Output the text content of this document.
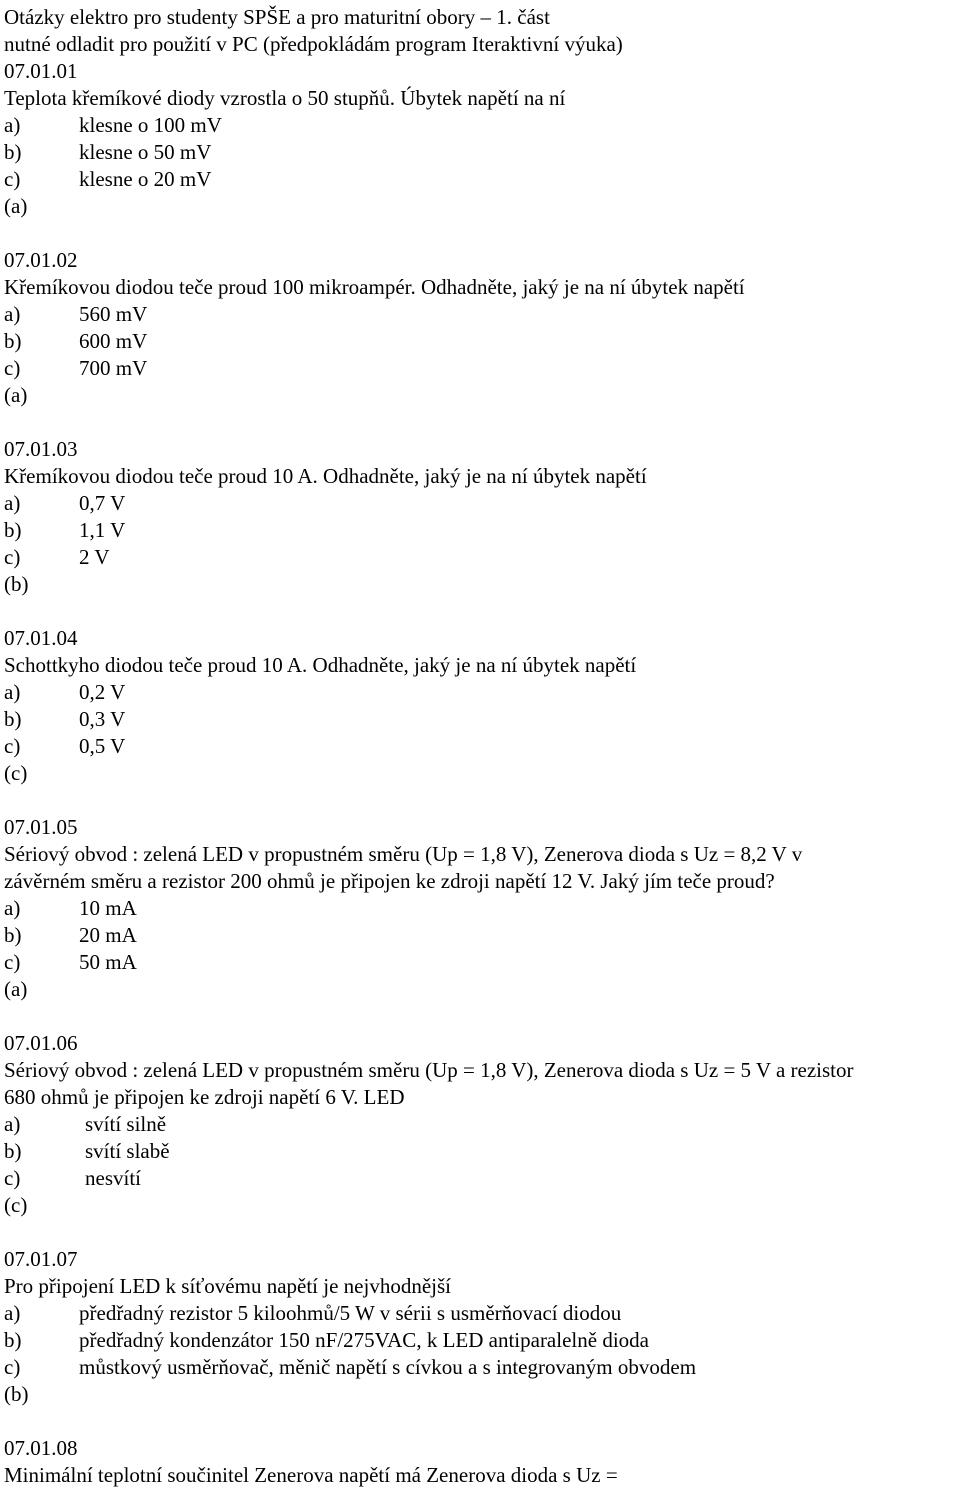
Otázky elektro pro studenty SPŠE a pro maturitní obory – 1. část
nutné odladit pro použití v PC (předpokládám program Iteraktivní výuka)
07.01.01
Teplota křemíkové diody vzrostla o 50 stupňů. Úbytek napětí na ní
a)	klesne o 100 mV
b)	klesne o 50 mV
c)	klesne o 20 mV
(a)
07.01.02
Křemíkovou diodou teče proud 100 mikroampér. Odhadněte, jaký je na ní úbytek napětí
a)	560 mV
b)	600 mV
c)	700 mV
(a)
07.01.03
Křemíkovou diodou teče proud 10 A. Odhadněte, jaký je na ní úbytek napětí
a)	0,7 V
b)	1,1 V
c)	2 V
(b)
07.01.04
Schottkyho diodou teče proud 10 A. Odhadněte, jaký je na ní úbytek napětí
a)	0,2 V
b)	0,3 V
c)	0,5 V
(c)
07.01.05
Sériový obvod : zelená LED v propustném směru (Up = 1,8 V), Zenerova dioda s Uz = 8,2 V v
závěrném směru a rezistor 200 ohmů je připojen ke zdroji napětí 12 V. Jaký jím teče proud?
a)	10 mA
b)	20 mA
c)	50 mA
(a)
07.01.06
Sériový obvod : zelená LED v propustném směru (Up = 1,8 V), Zenerova dioda s Uz = 5 V a rezistor
680 ohmů je připojen ke zdroji napětí 6 V. LED
a)	svítí silně
b)	svítí slabě
c)	nesvítí
(c)
07.01.07
Pro připojení LED k síťovému napětí je nejvhodnější
a)	předřadný rezistor 5 kiloohmů/5 W v sérii s usměrňovací diodou
b)	předřadný kondenzátor 150 nF/275VAC, k LED antiparalelně dioda
c)	můstkový usměrňovač, měnič napětí s cívkou a s integrovaným obvodem
(b)
07.01.08
Minimální teplotní součinitel Zenerova napětí má Zenerova dioda s Uz =
